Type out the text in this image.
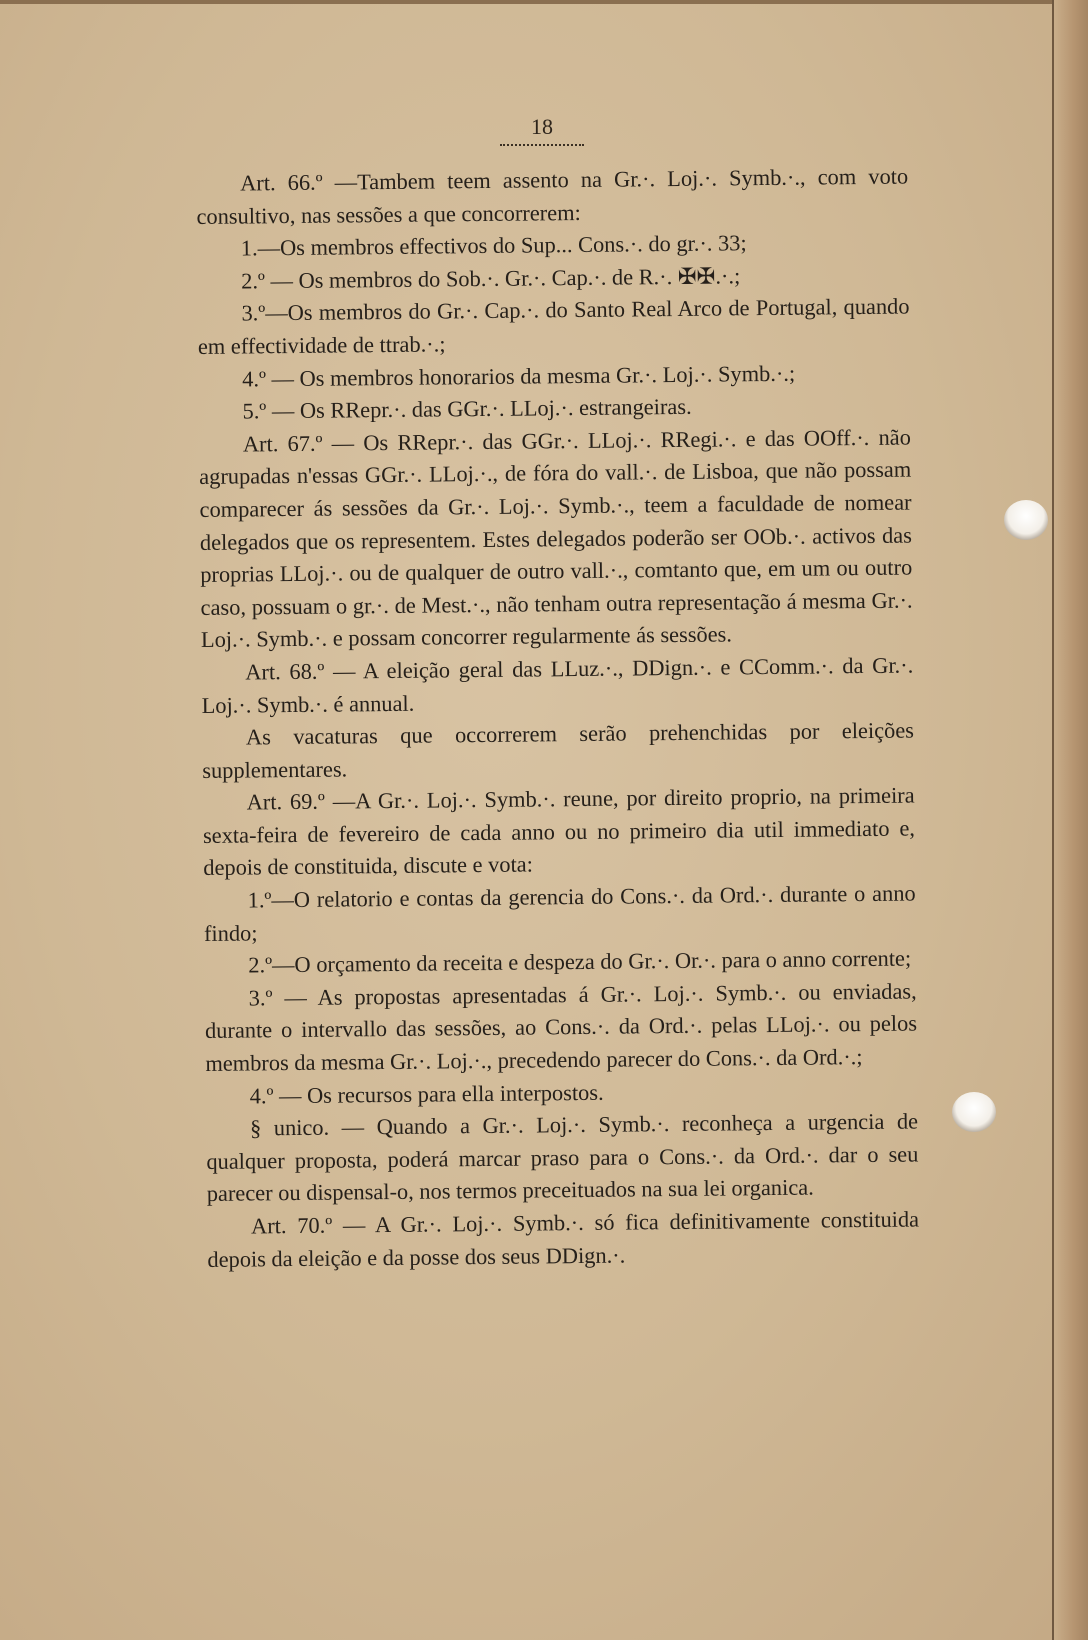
18

Art. 66.º —Tambem teem assento na Gr.·. Loj.·. Symb.·., com voto consultivo, nas sessões a que concorrerem:

1.—Os membros effectivos do Sup... Cons.·. do gr.·. 33;

2.º — Os membros do Sob.·. Gr.·. Cap.·. de R.·. ✠✠.·.;

3.º—Os membros do Gr.·. Cap.·. do Santo Real Arco de Portugal, quando em effectividade de ttrab.·.;

4.º — Os membros honorarios da mesma Gr.·. Loj.·. Symb.·.;

5.º — Os RRepr.·. das GGr.·. LLoj.·. estrangeiras.

Art. 67.º — Os RRepr.·. das GGr.·. LLoj.·. RRegi.·. e das OOff.·. não agrupadas n'essas GGr.·. LLoj.·., de fóra do vall.·. de Lisboa, que não possam comparecer ás sessões da Gr.·. Loj.·. Symb.·., teem a faculdade de nomear delegados que os representem. Estes delegados poderão ser OOb.·. activos das proprias LLoj.·. ou de qualquer de outro vall.·., comtanto que, em um ou outro caso, possuam o gr.·. de Mest.·., não tenham outra representação á mesma Gr.·. Loj.·. Symb.·. e possam concorrer regularmente ás sessões.

Art. 68.º — A eleição geral das LLuz.·., DDign.·. e CComm.·. da Gr.·. Loj.·. Symb.·. é annual.

As vacaturas que occorrerem serão prehenchidas por eleições supplementares.

Art. 69.º —A Gr.·. Loj.·. Symb.·. reune, por direito proprio, na primeira sexta-feira de fevereiro de cada anno ou no primeiro dia util immediato e, depois de constituida, discute e vota:

1.º—O relatorio e contas da gerencia do Cons.·. da Ord.·. durante o anno findo;

2.º—O orçamento da receita e despeza do Gr.·. Or.·. para o anno corrente;

3.º — As propostas apresentadas á Gr.·. Loj.·. Symb.·. ou enviadas, durante o intervallo das sessões, ao Cons.·. da Ord.·. pelas LLoj.·. ou pelos membros da mesma Gr.·. Loj.·., precedendo parecer do Cons.·. da Ord.·.;

4.º — Os recursos para ella interpostos.

§ unico. — Quando a Gr.·. Loj.·. Symb.·. reconheça a urgencia de qualquer proposta, poderá marcar praso para o Cons.·. da Ord.·. dar o seu parecer ou dispensal-o, nos termos preceituados na sua lei organica.

Art. 70.º — A Gr.·. Loj.·. Symb.·. só fica definitivamente constituida depois da eleição e da posse dos seus DDign.·.
